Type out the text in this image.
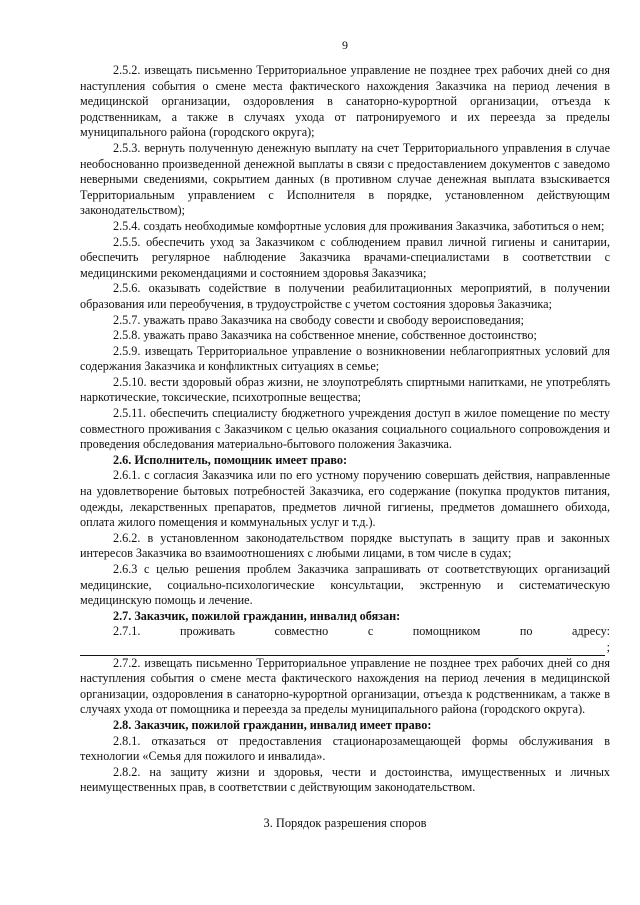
9

2.5.2. извещать письменно Территориальное управление не позднее трех рабочих дней со дня наступления события о смене места фактического нахождения Заказчика на период лечения в медицинской организации, оздоровления в санаторно-курортной организации, отъезда к родственникам, а также в случаях ухода от патронируемого и их переезда за пределы муниципального района (городского округа);

2.5.3. вернуть полученную денежную выплату на счет Территориального управления в случае необоснованно произведенной денежной выплаты в связи с предоставлением документов с заведомо неверными сведениями, сокрытием данных (в противном случае денежная выплата взыскивается Территориальным управлением с Исполнителя в порядке, установленном действующим законодательством);

2.5.4. создать необходимые комфортные условия для проживания Заказчика, заботиться о нем;

2.5.5. обеспечить уход за Заказчиком с соблюдением правил личной гигиены и санитарии, обеспечить регулярное наблюдение Заказчика врачами-специалистами в соответствии с медицинскими рекомендациями и состоянием здоровья Заказчика;

2.5.6. оказывать содействие в получении реабилитационных мероприятий, в получении образования или переобучения, в трудоустройстве с учетом состояния здоровья Заказчика;

2.5.7. уважать право Заказчика на свободу совести и свободу вероисповедания;

2.5.8. уважать право Заказчика на собственное мнение, собственное достоинство;

2.5.9. извещать Территориальное управление о возникновении неблагоприятных условий для содержания Заказчика и конфликтных ситуациях в семье;

2.5.10. вести здоровый образ жизни, не злоупотреблять спиртными напитками, не употреблять наркотические, токсические, психотропные вещества;

2.5.11. обеспечить специалисту бюджетного учреждения доступ в жилое помещение по месту совместного проживания с Заказчиком с целью оказания социального социального сопровождения и проведения обследования материально-бытового положения Заказчика.

2.6. Исполнитель, помощник имеет право:

2.6.1. с согласия Заказчика или по его устному поручению совершать действия, направленные на удовлетворение бытовых потребностей Заказчика, его содержание (покупка продуктов питания, одежды, лекарственных препаратов, предметов личной гигиены, предметов домашнего обихода, оплата жилого помещения и коммунальных услуг и т.д.).

2.6.2. в установленном законодательством порядке выступать в защиту прав и законных интересов Заказчика во взаимоотношениях с любыми лицами, в том числе в судах;

2.6.3 с целью решения проблем Заказчика запрашивать от соответствующих организаций медицинские, социально-психологические консультации, экстренную и систематическую медицинскую помощь и лечение.

2.7. Заказчик, пожилой гражданин, инвалид обязан:

2.7.1.	проживать	совместно	с	помощником	по	адресу:
;

2.7.2. извещать письменно Территориальное управление не позднее трех рабочих дней со дня наступления события о смене места фактического нахождения на период лечения в медицинской организации, оздоровления в санаторно-курортной организации, отъезда к родственникам, а также в случаях ухода от помощника и переезда за пределы муниципального района (городского округа).

2.8. Заказчик, пожилой гражданин, инвалид имеет право:

2.8.1. отказаться от предоставления стационарозамещающей формы обслуживания в технологии «Семья для пожилого и инвалида».

2.8.2. на защиту жизни и здоровья, чести и достоинства, имущественных и личных неимущественных прав, в соответствии с действующим законодательством.

3. Порядок разрешения споров
